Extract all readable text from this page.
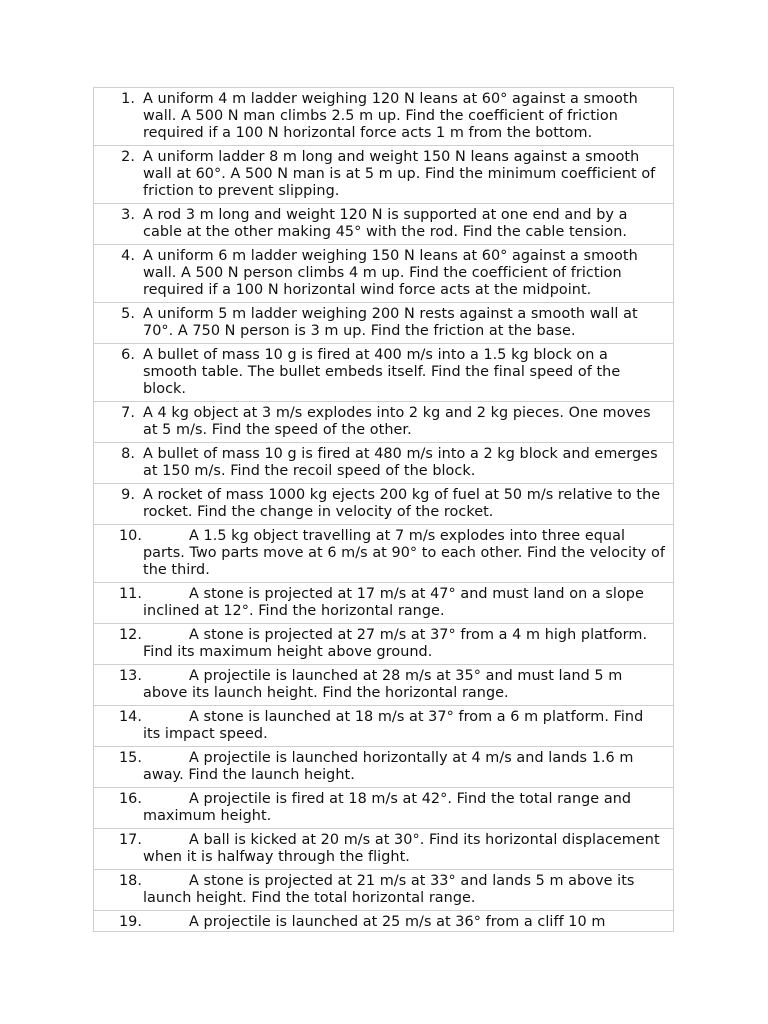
1. A uniform 4 m ladder weighing 120 N leans at 60° against a smooth wall. A 500 N man climbs 2.5 m up. Find the coefficient of friction required if a 100 N horizontal force acts 1 m from the bottom.
2. A uniform ladder 8 m long and weight 150 N leans against a smooth wall at 60°. A 500 N man is at 5 m up. Find the minimum coefficient of friction to prevent slipping.
3. A rod 3 m long and weight 120 N is supported at one end and by a cable at the other making 45° with the rod. Find the cable tension.
4. A uniform 6 m ladder weighing 150 N leans at 60° against a smooth wall. A 500 N person climbs 4 m up. Find the coefficient of friction required if a 100 N horizontal wind force acts at the midpoint.
5. A uniform 5 m ladder weighing 200 N rests against a smooth wall at 70°. A 750 N person is 3 m up. Find the friction at the base.
6. A bullet of mass 10 g is fired at 400 m/s into a 1.5 kg block on a smooth table. The bullet embeds itself. Find the final speed of the block.
7. A 4 kg object at 3 m/s explodes into 2 kg and 2 kg pieces. One moves at 5 m/s. Find the speed of the other.
8. A bullet of mass 10 g is fired at 480 m/s into a 2 kg block and emerges at 150 m/s. Find the recoil speed of the block.
9. A rocket of mass 1000 kg ejects 200 kg of fuel at 50 m/s relative to the rocket. Find the change in velocity of the rocket.
10.	A 1.5 kg object travelling at 7 m/s explodes into three equal parts. Two parts move at 6 m/s at 90° to each other. Find the velocity of the third.
11.	A stone is projected at 17 m/s at 47° and must land on a slope inclined at 12°. Find the horizontal range.
12.	A stone is projected at 27 m/s at 37° from a 4 m high platform. Find its maximum height above ground.
13.	A projectile is launched at 28 m/s at 35° and must land 5 m above its launch height. Find the horizontal range.
14.	A stone is launched at 18 m/s at 37° from a 6 m platform. Find its impact speed.
15.	A projectile is launched horizontally at 4 m/s and lands 1.6 m away. Find the launch height.
16.	A projectile is fired at 18 m/s at 42°. Find the total range and maximum height.
17.	A ball is kicked at 20 m/s at 30°. Find its horizontal displacement when it is halfway through the flight.
18.	A stone is projected at 21 m/s at 33° and lands 5 m above its launch height. Find the total horizontal range.
19.	A projectile is launched at 25 m/s at 36° from a cliff 10 m
